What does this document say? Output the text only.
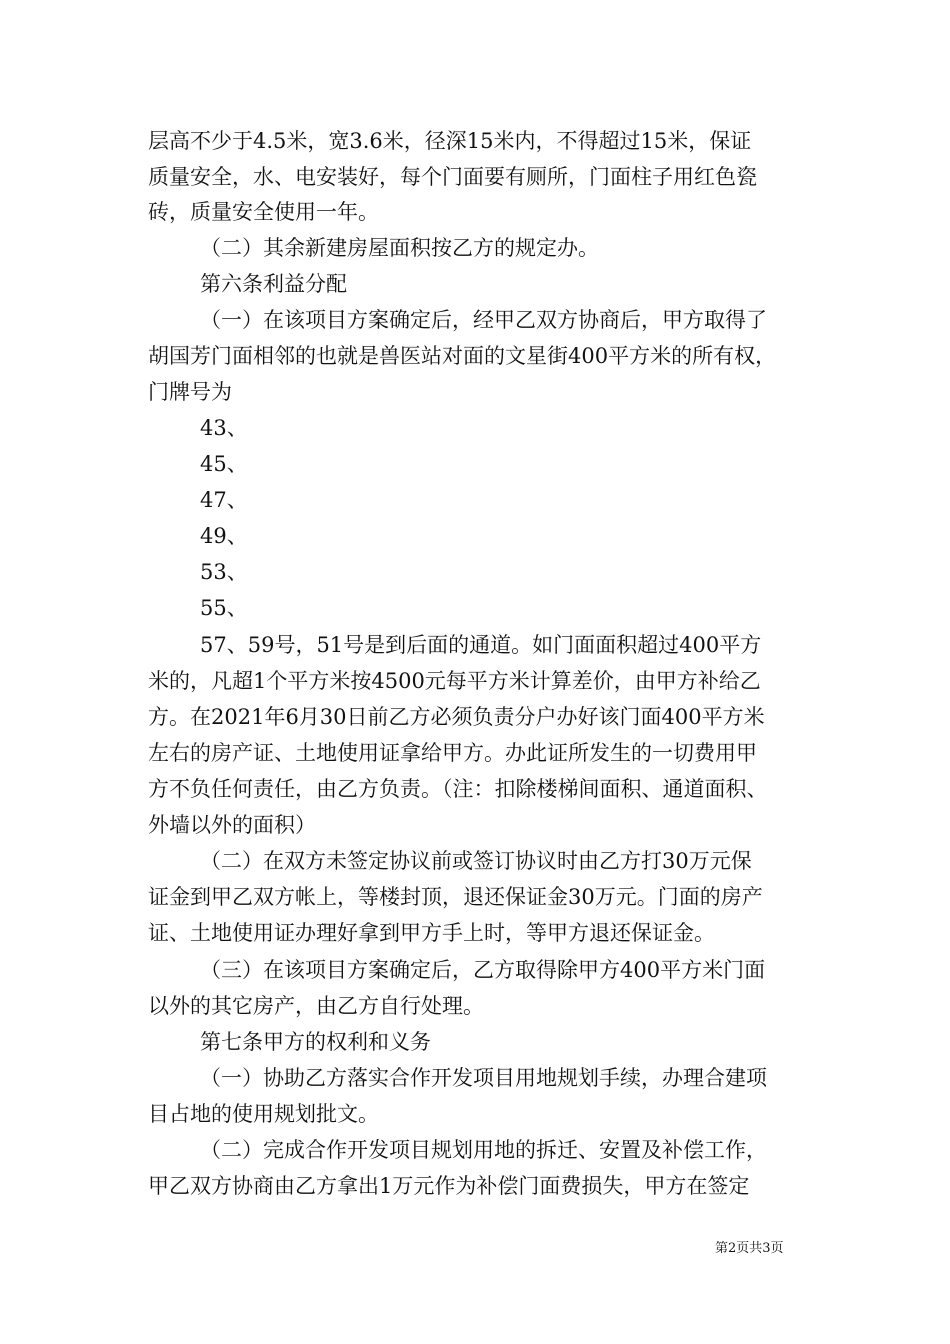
层高不少于4.5米，宽3.6米，径深15米内，不得超过15米，保证
质量安全，水、电安装好，每个门面要有厕所，门面柱子用红色瓷
砖，质量安全使用一年。
（二）其余新建房屋面积按乙方的规定办。
第六条利益分配
（一）在该项目方案确定后，经甲乙双方协商后，甲方取得了
胡国芳门面相邻的也就是兽医站对面的文星街400平方米的所有权，
门牌号为
43、
45、
47、
49、
53、
55、
57、59号，51号是到后面的通道。如门面面积超过400平方
米的，凡超1个平方米按4500元每平方米计算差价，由甲方补给乙
方。在2021年6月30日前乙方必须负责分户办好该门面400平方米
左右的房产证、土地使用证拿给甲方。办此证所发生的一切费用甲
方不负任何责任，由乙方负责。（注：扣除楼梯间面积、通道面积、
外墙以外的面积）
（二）在双方未签定协议前或签订协议时由乙方打30万元保
证金到甲乙双方帐上，等楼封顶，退还保证金30万元。门面的房产
证、土地使用证办理好拿到甲方手上时，等甲方退还保证金。
（三）在该项目方案确定后，乙方取得除甲方400平方米门面
以外的其它房产，由乙方自行处理。
第七条甲方的权利和义务
（一）协助乙方落实合作开发项目用地规划手续，办理合建项
目占地的使用规划批文。
（二）完成合作开发项目规划用地的拆迁、安置及补偿工作，
甲乙双方协商由乙方拿出1万元作为补偿门面费损失，甲方在签定
第2页共3页
